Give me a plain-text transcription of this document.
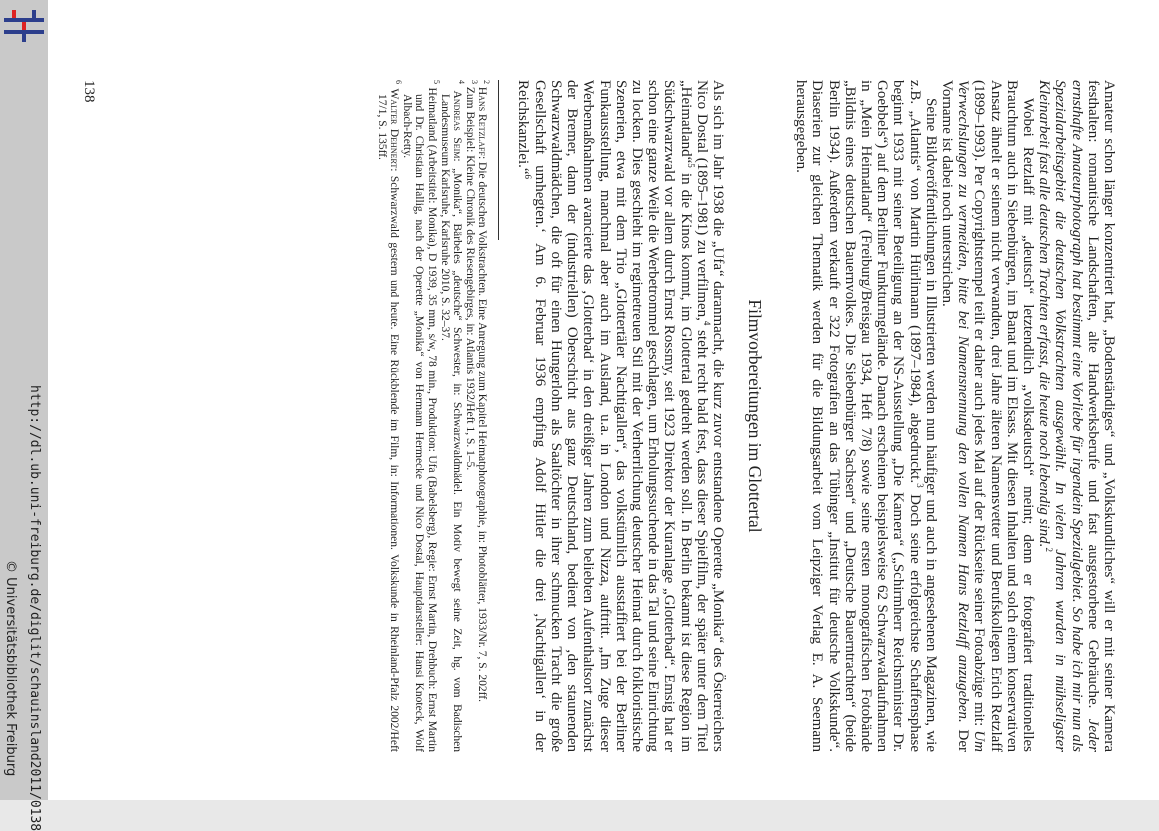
http://dl.ub.uni-freiburg.de/diglit/schauinsland2011/0138
© Universitätsbibliothek Freiburg	Amateur schon länger konzentriert hat, „Bodenständiges“ und „Volkskundliches“ will er mit seiner Kamera festhalten: romantische Landschaften, alte Handwerksberufe und fast ausgestorbene Gebräuche. Jeder ernsthafte Amateurphotograph hat bestimmt eine Vorliebe für irgendein Spezialgebiet. So habe ich mir nun als Spezialarbeitsgebiet die deutschen Volkstrachten ausgewählt. In vielen Jahren wurden in mühseligster Kleinarbeit fast alle deutschen Trachten erfasst, die heute noch lebendig sind.$^2$

Wobei Retzlaff mit „deutsch“ letztendlich „volksdeutsch“ meint; denn er fotografiert traditionelles Brauchtum auch in Siebenbürgen, im Banat und im Elsass. Mit diesen Inhalten und solch einem konservativen Ansatz ähnelt er seinem nicht verwandten, drei Jahre älteren Namensvetter und Berufskollegen Erich Retzlaff (1899–1993). Per Copyrightstempel teilt er daher auch jedes Mal auf der Rückseite seiner Fotoabzüge mit: Um Verwechslungen zu vermeiden, bitte bei Namensnennung den vollen Namen Hans Retzlaff anzugeben. Der Vorname ist dabei noch unterstrichen.

Seine Bildveröffentlichungen in Illustrierten werden nun häufiger und auch in angesehenen Magazinen, wie z.B. „Atlantis“ von Martin Hürlimann (1897–1984), abgedruckt.$^3$ Doch seine erfolgreichste Schaffensphase beginnt 1933 mit seiner Beteiligung an der NS-Ausstellung „Die Kamera“ („Schirmherr Reichsminister Dr. Goebbels“) auf dem Berliner Funkturmgelände. Danach erscheinen beispielsweise 62 Schwarzwaldaufnahmen in „Mein Heimatland“ (Freiburg/Breisgau 1934, Heft 7/8) sowie seine ersten monografischen Fotobände „Bildnis eines deutschen Bauernvolkes. Die Siebenbürger Sachsen“ und „Deutsche Bauerntrachten“ (beide Berlin 1934). Außerdem verkauft er 322 Fotografien an das Tübinger „Institut für deutsche Volkskunde“. Diaserien zur gleichen Thematik werden für die Bildungsarbeit vom Leipziger Verlag E. A. Seemann herausgegeben.

Filmvorbereitungen im Glottertal

Als sich im Jahr 1938 die „Ufa“ daranmacht, die kurz zuvor entstandene Operette „Monika“ des Österreichers Nico Dostal (1895–1981) zu verfilmen,$^4$ steht recht bald fest, dass dieser Spielfilm, der später unter dem Titel „Heimatland“$^5$ in die Kinos kommt, im Glottertal gedreht werden soll. In Berlin bekannt ist diese Region im Südschwarzwald vor allem durch Ernst Rossmy, seit 1923 Direktor der Kuranlage „Glotterbad“. Emsig hat er schon eine ganze Weile die Werbetrommel geschlagen, um Erholungssuchende in das Tal und seine Einrichtung zu locken. Dies geschieht im regimetreuen Stil mit der Verherrlichung deutscher Heimat durch folkloristische Szenerien, etwa mit dem Trio „Glottertäler Nachtigallen“, das volkstümlich ausstaffiert bei der Berliner Funkausstellung, manchmal aber auch im Ausland, u.a. in London und Nizza, auftritt. „Im Zuge dieser Werbemaßnahmen avancierte das ‚Glotterbad‘ in den dreißiger Jahren zum beliebten Aufenthaltsort zunächst der Bremer, dann der (industriellen) Oberschicht aus ganz Deutschland, bedient von ‚den staunenden Schwarzwaldmädchen, die oft für einen Hungerlohn als Saaltöchter in ihrer schmucken Tracht die große Gesellschaft umhegten.‘ Am 6. Februar 1936 empfing Adolf Hitler die drei ‚Nachtigallen‘ in der Reichskanzlei.“$^6$

$^2$ Hans Retzlaff: Die deutschen Volkstrachten. Eine Anregung zum Kapitel Heimatphotographie, in: Photoblätter, 1933/Nr. 7, S. 202ff.

$^3$ Zum Beispiel: Kleine Chronik des Riesengebirges, in: Atlantis 1932/Heft 1, S. 1–5.

$^4$ Andreas Seim: „Monika“, Bärbeles „deutsche“ Schwester, in: Schwarzwaldmädel. Ein Motiv bewegt seine Zeit, hg. vom Badischen Landesmuseum Karlsruhe, Karlsruhe 2010, S. 32–37.

$^5$ Heimatland (Arbeitstitel: Monika), D 1939, 35 mm, s/w, 78 min., Produktion: Ufa (Babelsberg), Regie: Ernst Martin, Drehbuch: Ernst Martin und Dr. Christian Hallig, nach der Operette „Monika“ von Hermann Hermecke und Nico Dostal, Hauptdarsteller: Hansi Knoteck, Wolf Albach-Retty.

$^6$ Walter Dehnert: Schwarzwald gestern und heute. Eine Rückblende im Film, in: Informationen. Volkskunde in Rheinland-Pfalz 2002/Heft 17/1, S. 135ff.

138
